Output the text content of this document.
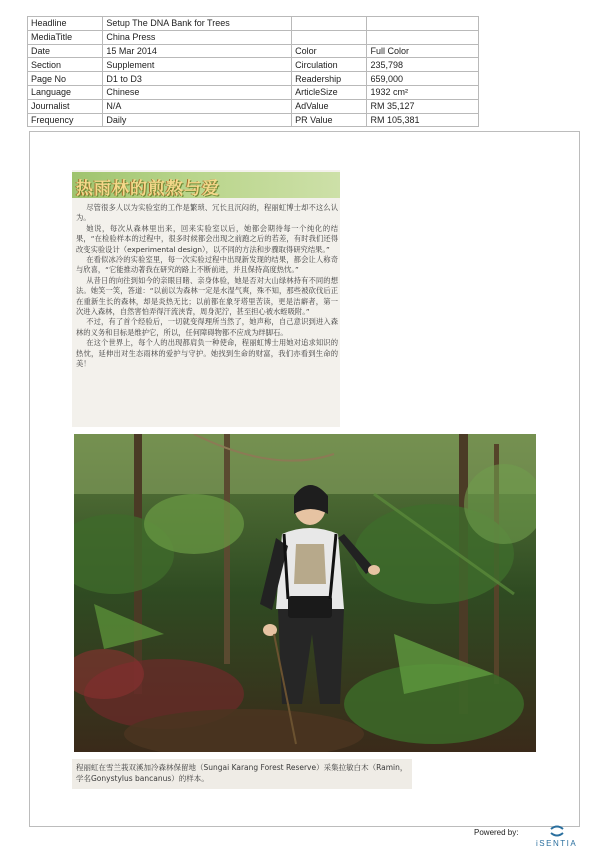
Headline	Setup The DNA Bank for Trees		
MediaTitle	China Press		
Date	15 Mar 2014	Color	Full Color
Section	Supplement	Circulation	235,798
Page No	D1 to D3	Readership	659,000
Language	Chinese	ArticleSize	1932 cm²
Journalist	N/A	AdValue	RM 35,127
Frequency	Daily	PR Value	RM 105,381
热雨林的煎熬与爱

尽管很多人以为实验室的工作是繁琐、冗长且沉闷的，程丽虹博士却不这么认为。

她说，每次从森林里出来，回来实验室以后，她都会期待每一个纯化的结果，“在检验样本的过程中，很多时候都会出现之前跑之后的若差，有时我们还得改变实验设计（experimental design），以不同的方法和步骤取得研究结果。”

在看似冰冷的实验室里，每一次实验过程中出现新发现的结果，都会让人称奇与欣喜，“它能推动著我在研究的路上不断前进，并且保持高度热忱。”

从昔日的向往到如今的亲眼目睹、亲身体验，她是否对大山绿林持有不同的想法。她笑一笑，答道：“以前以为森林一定是水湿气爽，殊不知，那些被砍伐后正在重新生长的森林，却是炎热无比；以前都在象牙塔里苦读，更是洁癖者，第一次进入森林，自然害怕弄得汗流浃背，周身泥泞，甚至担心被水蛭吸附。”

不过，有了首个经验后，一切就变得理所当然了，她声称，自己意识到进入森林的义务和目标是维护它，所以，任何障碍物都不应成为绊脚石。

在这个世界上，每个人的出现都肩负一种使命，程丽虹博士用她对追求知识的热忱，延伸出对生态雨林的爱护与守护。她找到生命的财富，我们亦看到生命的美！

程丽虹在雪兰莪双溪加冷森林保留地（Sungai Karang Forest Reserve）采集拉敏白木（Ramin，学名Gonystylus bancanus）的样本。
Powered by:
iSENTIA
